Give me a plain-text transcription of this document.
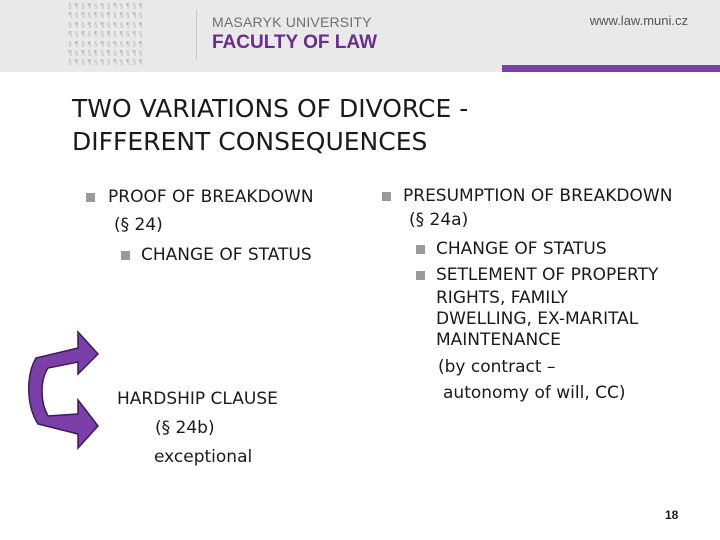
§¶§¶§¶§¶§¶§¶
¶§¶§¶§¶§¶§¶§
§¶§¶§¶§¶§¶§¶
¶§¶§¶§¶§¶§¶§
§¶§¶§¶§¶§¶§¶
¶§¶§¶§¶§¶§¶§
§¶§¶§¶§¶§¶§¶
MASARYK UNIVERSITY
FACULTY OF LAW
www.law.muni.cz
TWO VARIATIONS OF DIVORCE -
DIFFERENT CONSEQUENCES
PROOF OF BREAKDOWN
(§ 24)
CHANGE OF STATUS
HARDSHIP CLAUSE
(§ 24b)
exceptional
PRESUMPTION OF BREAKDOWN
(§ 24a)
CHANGE OF STATUS
SETLEMENT OF PROPERTY
RIGHTS, FAMILY
DWELLING, EX-MARITAL
MAINTENANCE
(by contract –
autonomy of will, CC)
18
